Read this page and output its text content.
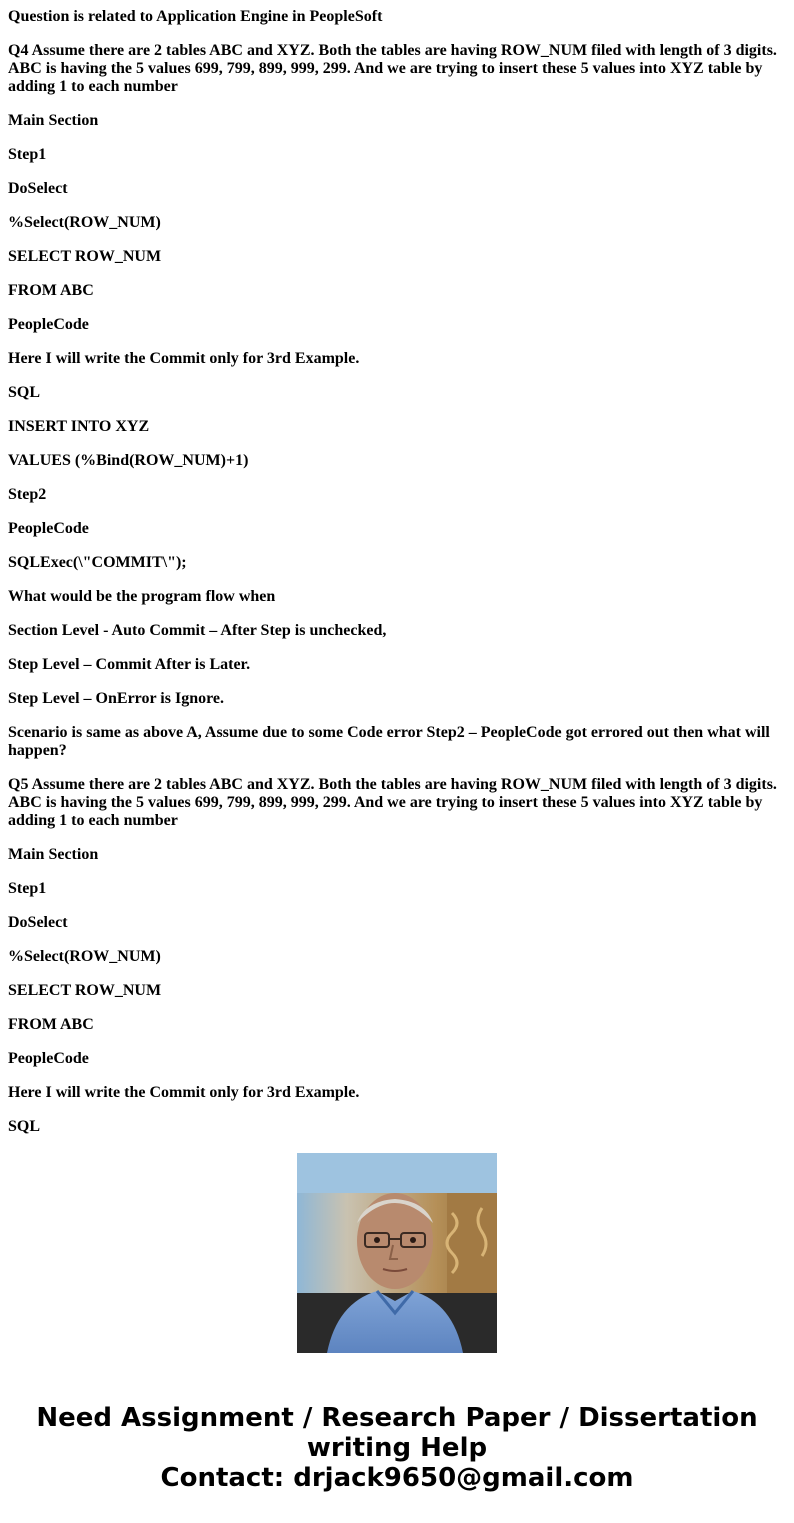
Question is related to Application Engine in PeopleSoft

Q4 Assume there are 2 tables ABC and XYZ. Both the tables are having ROW_NUM filed with length of 3 digits. ABC is having the 5 values 699, 799, 899, 999, 299. And we are trying to insert these 5 values into XYZ table by adding 1 to each number

Main Section

Step1

DoSelect

%Select(ROW_NUM)

SELECT ROW_NUM

FROM ABC

PeopleCode

Here I will write the Commit only for 3rd Example.

SQL

INSERT INTO XYZ

VALUES (%Bind(ROW_NUM)+1)

Step2

PeopleCode

SQLExec(\"COMMIT\");

What would be the program flow when

Section Level - Auto Commit – After Step is unchecked,

Step Level – Commit After is Later.

Step Level – OnError is Ignore.

Scenario is same as above A, Assume due to some Code error Step2 – PeopleCode got errored out then what will happen?

Q5 Assume there are 2 tables ABC and XYZ. Both the tables are having ROW_NUM filed with length of 3 digits. ABC is having the 5 values 699, 799, 899, 999, 299. And we are trying to insert these 5 values into XYZ table by adding 1 to each number

Main Section

Step1

DoSelect

%Select(ROW_NUM)

SELECT ROW_NUM

FROM ABC

PeopleCode

Here I will write the Commit only for 3rd Example.

SQL

Need Assignment / Research Paper / Dissertation
writing Help
Contact: drjack9650@gmail.com
